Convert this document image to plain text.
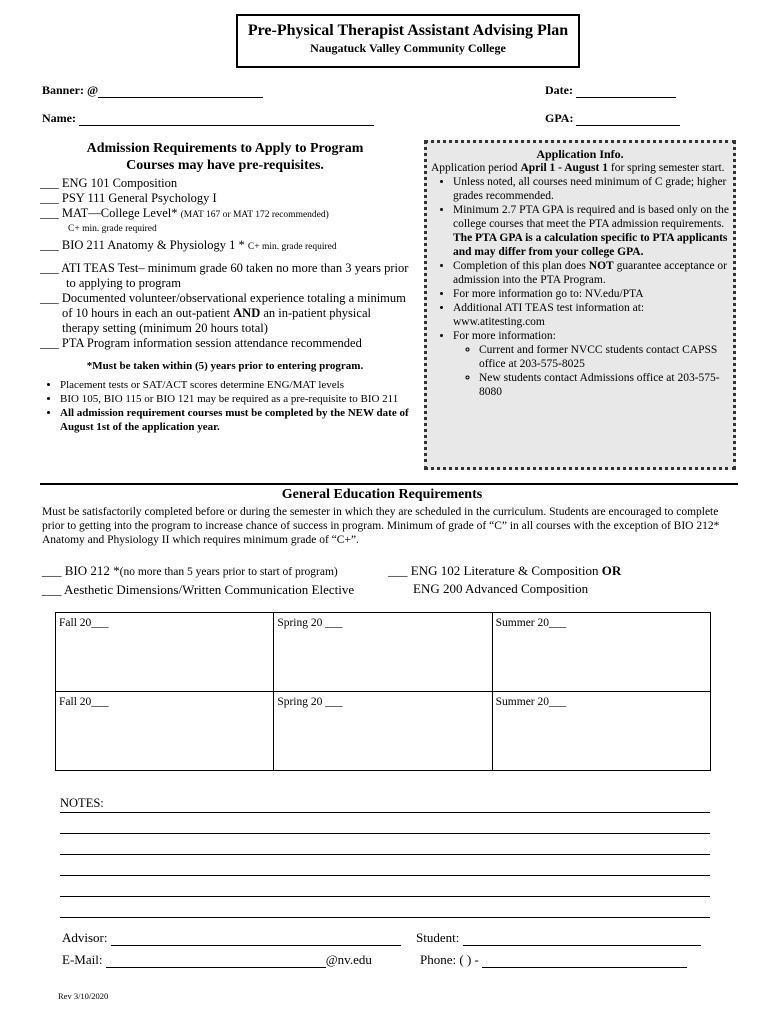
Pre-Physical Therapist Assistant Advising Plan
Naugatuck Valley Community College
Banner: @	Date:
Name:	GPA:
Admission Requirements to Apply to Program
Courses may have pre-requisites.

___ ENG 101 Composition

___ PSY 111 General Psychology I

___ MAT—College Level* (MAT 167 or MAT 172 recommended)

C+ min. grade required

___ BIO 211 Anatomy & Physiology 1 * C+ min. grade required

___ ATI TEAS Test– minimum grade 60 taken no more than 3 years prior to applying to program

___ Documented volunteer/observational experience totaling a minimum of 10 hours in each an out-patient AND an in-patient physical therapy setting (minimum 20 hours total)

___ PTA Program information session attendance recommended

*Must be taken within (5) years prior to entering program.

• Placement tests or SAT/ACT scores determine ENG/MAT levels
• BIO 105, BIO 115 or BIO 121 may be required as a pre-requisite to BIO 211
• All admission requirement courses must be completed by the NEW date of August 1st of the application year.
Application Info.
Application period April 1 - August 1 for spring semester start.
• Unless noted, all courses need minimum of C grade; higher grades recommended.
• Minimum 2.7 PTA GPA is required and is based only on the college courses that meet the PTA admission requirements. The PTA GPA is a calculation specific to PTA applicants and may differ from your college GPA.
• Completion of this plan does NOT guarantee acceptance or admission into the PTA Program.
• For more information go to: NV.edu/PTA
• Additional ATI TEAS test information at: www.atitesting.com
• For more information:
◦ Current and former NVCC students contact CAPSS office at 203-575-8025
◦ New students contact Admissions office at 203-575-8080
General Education Requirements

Must be satisfactorily completed before or during the semester in which they are scheduled in the curriculum. Students are encouraged to complete prior to getting into the program to increase chance of success in program. Minimum of grade of “C” in all courses with the exception of BIO 212* Anatomy and Physiology II which requires minimum grade of “C+”.

___ BIO 212 *(no more than 5 years prior to start of program)
___ Aesthetic Dimensions/Written Communication Elective
___ ENG 102 Literature & Composition OR
ENG 200 Advanced Composition
Fall 20___	Spring 20 ___	Summer 20___
Fall 20___	Spring 20 ___	Summer 20___
NOTES:
Advisor:	Student:
E-Mail:	@nv.edu	Phone: ( ) -
Rev 3/10/2020
